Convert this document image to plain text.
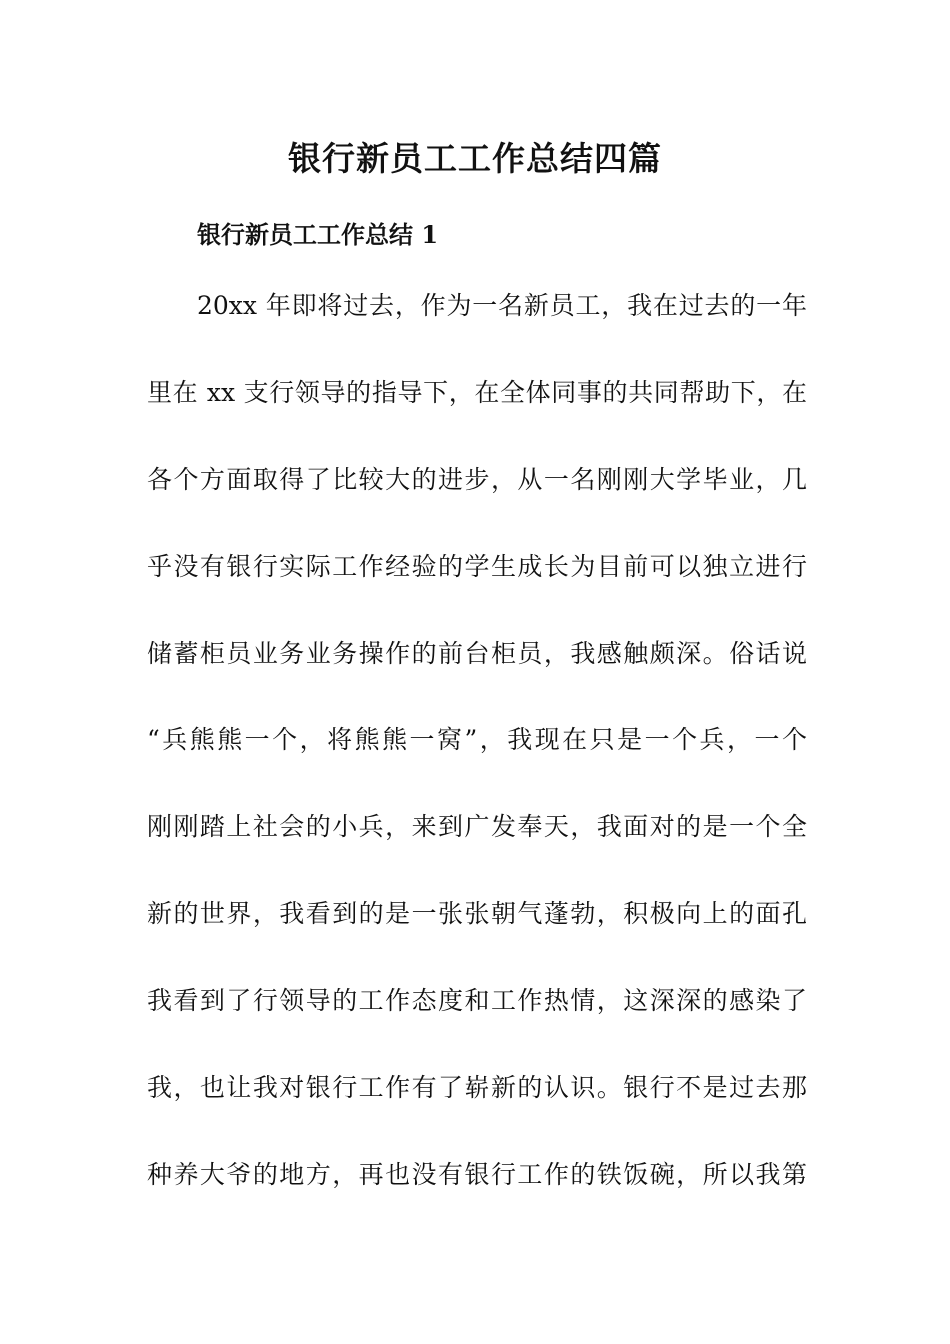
银行新员工工作总结四篇
银行新员工工作总结 1
20xx 年即将过去，作为一名新员工，我在过去的一年
里在 xx 支行领导的指导下，在全体同事的共同帮助下，在
各个方面取得了比较大的进步，从一名刚刚大学毕业，几
乎没有银行实际工作经验的学生成长为目前可以独立进行
储蓄柜员业务业务操作的前台柜员，我感触颇深。俗话说
“兵熊熊一个，将熊熊一窝”，我现在只是一个兵，一个
刚刚踏上社会的小兵，来到广发奉天，我面对的是一个全
新的世界，我看到的是一张张朝气蓬勃，积极向上的面孔
我看到了行领导的工作态度和工作热情，这深深的感染了
我，也让我对银行工作有了崭新的认识。银行不是过去那
种养大爷的地方，再也没有银行工作的铁饭碗，所以我第
